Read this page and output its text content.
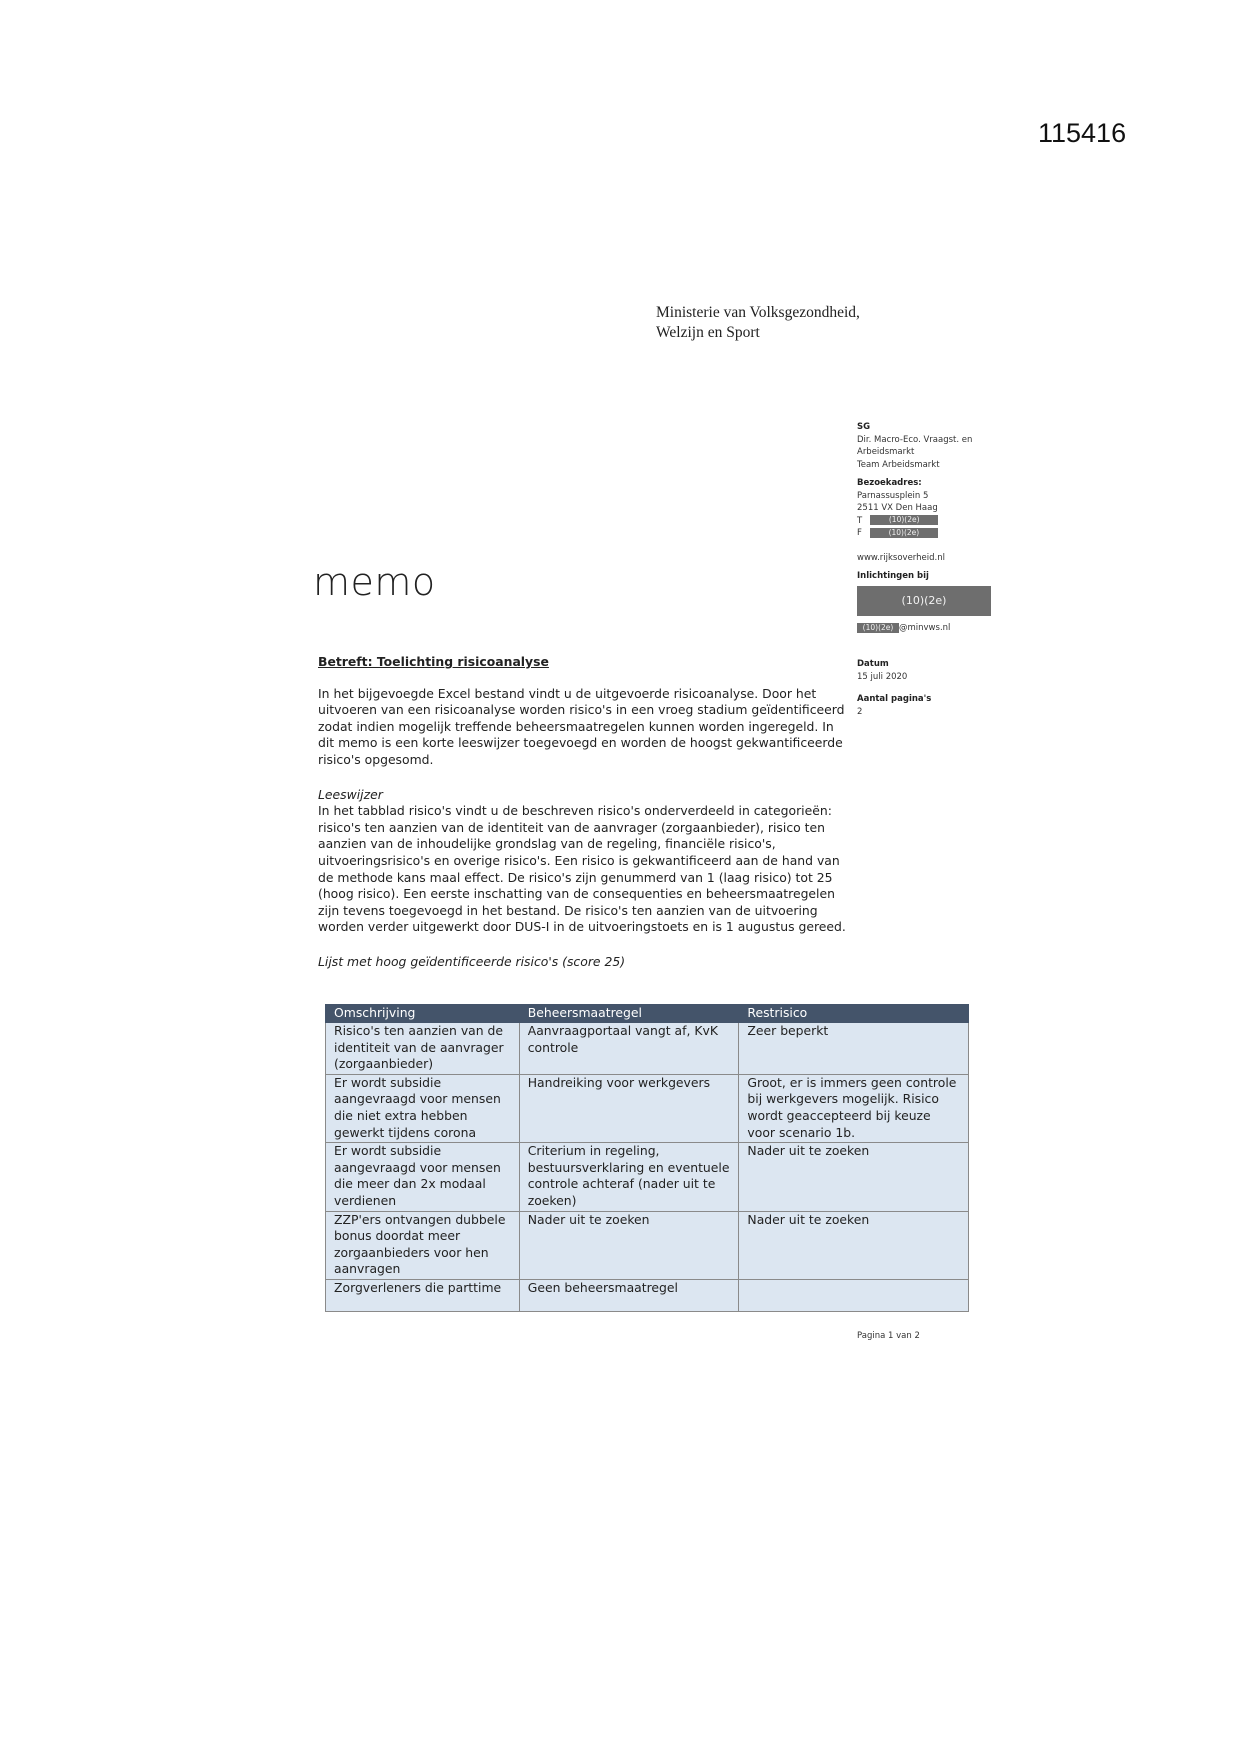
115416
Ministerie van Volksgezondheid,
Welzijn en Sport
memo
SG
Dir. Macro-Eco. Vraagst. en
Arbeidsmarkt
Team Arbeidsmarkt
Bezoekadres:
Parnassusplein 5
2511 VX Den Haag
T	(10)(2e)
F	(10)(2e)
www.rijksoverheid.nl
Inlichtingen bij
(10)(2e)
(10)(2e) @minvws.nl
Datum
15 juli 2020
Aantal pagina's
2

Betreft: Toelichting risicoanalyse

In het bijgevoegde Excel bestand vindt u de uitgevoerde risicoanalyse. Door het uitvoeren van een risicoanalyse worden risico's in een vroeg stadium geïdentificeerd zodat indien mogelijk treffende beheersmaatregelen kunnen worden ingeregeld. In dit memo is een korte leeswijzer toegevoegd en worden de hoogst gekwantificeerde risico's opgesomd.

Leeswijzer

In het tabblad risico's vindt u de beschreven risico's onderverdeeld in categorieën: risico's ten aanzien van de identiteit van de aanvrager (zorgaanbieder), risico ten aanzien van de inhoudelijke grondslag van de regeling, financiële risico's, uitvoeringsrisico's en overige risico's. Een risico is gekwantificeerd aan de hand van de methode kans maal effect. De risico's zijn genummerd van 1 (laag risico) tot 25 (hoog risico). Een eerste inschatting van de consequenties en beheersmaatregelen zijn tevens toegevoegd in het bestand. De risico's ten aanzien van de uitvoering worden verder uitgewerkt door DUS-I in de uitvoeringstoets en is 1 augustus gereed.

Lijst met hoog geïdentificeerde risico's (score 25)

Omschrijving	Beheersmaatregel	Restrisico
Risico's ten aanzien van de identiteit van de aanvrager (zorgaanbieder)	Aanvraagportaal vangt af, KvK controle	Zeer beperkt
Er wordt subsidie aangevraagd voor mensen die niet extra hebben gewerkt tijdens corona	Handreiking voor werkgevers	Groot, er is immers geen controle bij werkgevers mogelijk. Risico wordt geaccepteerd bij keuze voor scenario 1b.
Er wordt subsidie aangevraagd voor mensen die meer dan 2x modaal verdienen	Criterium in regeling, bestuursverklaring en eventuele controle achteraf (nader uit te zoeken)	Nader uit te zoeken
ZZP'ers ontvangen dubbele bonus doordat meer zorgaanbieders voor hen aanvragen	Nader uit te zoeken	Nader uit te zoeken
Zorgverleners die parttime	Geen beheersmaatregel	
Pagina 1 van 2
